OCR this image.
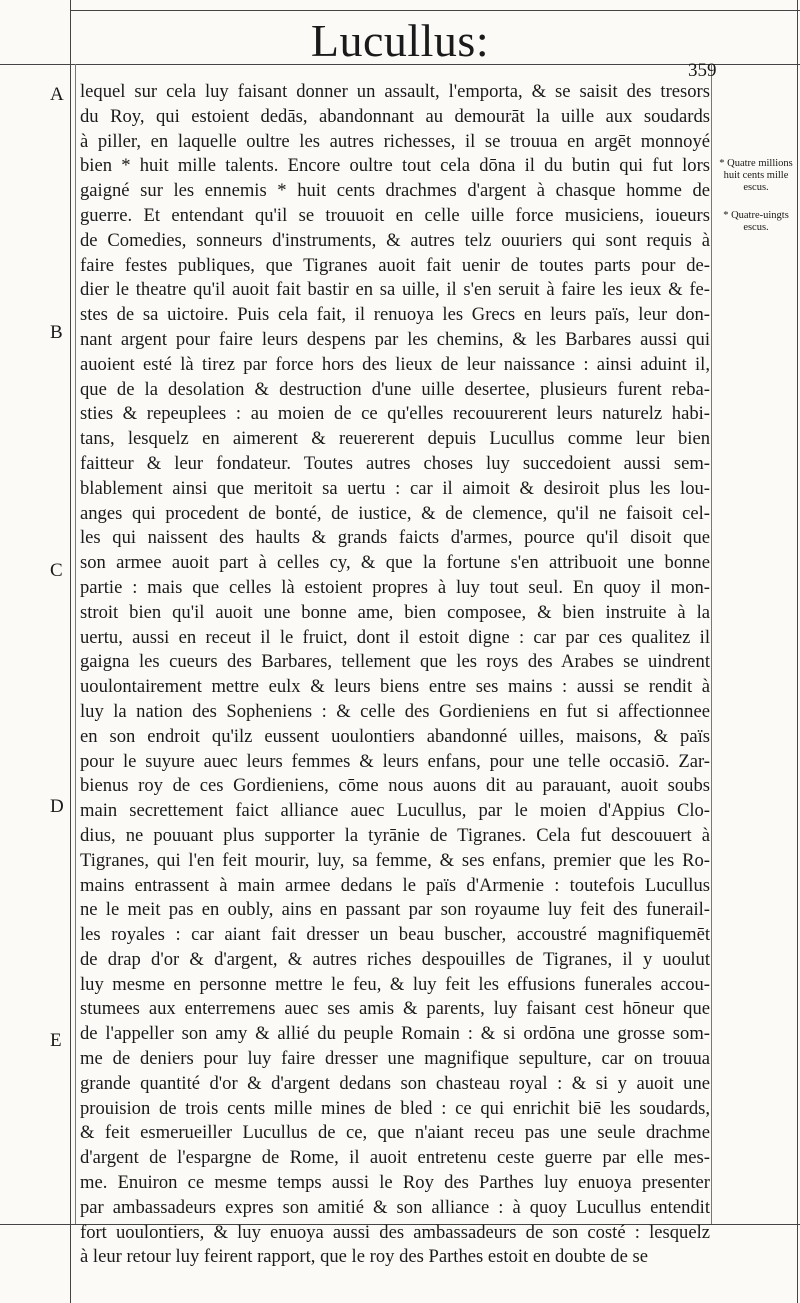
Lucullus:
359
A
B
C
D
E
* Quatre millions huit cents mille escus.
* Quatre-uingts escus.
lequel sur cela luy faisant donner un assault, l'emporta, & se saisit des tresors
du Roy, qui estoient dedās, abandonnant au demourāt la uille aux soudards
à piller, en laquelle oultre les autres richesses, il se trouua en argēt monnoyé
bien * huit mille talents. Encore oultre tout cela dōna il du butin qui fut lors
gaigné sur les ennemis * huit cents drachmes d'argent à chasque homme de
guerre. Et entendant qu'il se trouuoit en celle uille force musiciens, ioueurs
de Comedies, sonneurs d'instruments, & autres telz ouuriers qui sont requis à
faire festes publiques, que Tigranes auoit fait uenir de toutes parts pour de-
dier le theatre qu'il auoit fait bastir en sa uille, il s'en seruit à faire les ieux & fe-
stes de sa uictoire. Puis cela fait, il renuoya les Grecs en leurs païs, leur don-
nant argent pour faire leurs despens par les chemins, & les Barbares aussi qui
auoient esté là tirez par force hors des lieux de leur naissance : ainsi aduint il,
que de la desolation & destruction d'une uille desertee, plusieurs furent reba-
sties & repeuplees : au moien de ce qu'elles recouurerent leurs naturelz habi-
tans, lesquelz en aimerent & reuererent depuis Lucullus comme leur bien
faitteur & leur fondateur. Toutes autres choses luy succedoient aussi sem-
blablement ainsi que meritoit sa uertu : car il aimoit & desiroit plus les lou-
anges qui procedent de bonté, de iustice, & de clemence, qu'il ne faisoit cel-
les qui naissent des haults & grands faicts d'armes, pource qu'il disoit que
son armee auoit part à celles cy, & que la fortune s'en attribuoit une bonne
partie : mais que celles là estoient propres à luy tout seul. En quoy il mon-
stroit bien qu'il auoit une bonne ame, bien composee, & bien instruite à la
uertu, aussi en receut il le fruict, dont il estoit digne : car par ces qualitez il
gaigna les cueurs des Barbares, tellement que les roys des Arabes se uindrent
uoulontairement mettre eulx & leurs biens entre ses mains : aussi se rendit à
luy la nation des Sopheniens : & celle des Gordieniens en fut si affectionnee
en son endroit qu'ilz eussent uoulontiers abandonné uilles, maisons, & païs
pour le suyure auec leurs femmes & leurs enfans, pour une telle occasiō. Zar-
bienus roy de ces Gordieniens, cōme nous auons dit au parauant, auoit soubs
main secrettement faict alliance auec Lucullus, par le moien d'Appius Clo-
dius, ne pouuant plus supporter la tyrānie de Tigranes. Cela fut descouuert à
Tigranes, qui l'en feit mourir, luy, sa femme, & ses enfans, premier que les Ro-
mains entrassent à main armee dedans le païs d'Armenie : toutefois Lucullus
ne le meit pas en oubly, ains en passant par son royaume luy feit des funerail-
les royales : car aiant fait dresser un beau buscher, accoustré magnifiquemēt
de drap d'or & d'argent, & autres riches despouilles de Tigranes, il y uoulut
luy mesme en personne mettre le feu, & luy feit les effusions funerales accou-
stumees aux enterremens auec ses amis & parents, luy faisant cest hōneur que
de l'appeller son amy & allié du peuple Romain : & si ordōna une grosse som-
me de deniers pour luy faire dresser une magnifique sepulture, car on trouua
grande quantité d'or & d'argent dedans son chasteau royal : & si y auoit une
prouision de trois cents mille mines de bled : ce qui enrichit biē les soudards,
& feit esmerueiller Lucullus de ce, que n'aiant receu pas une seule drachme
d'argent de l'espargne de Rome, il auoit entretenu ceste guerre par elle mes-
me. Enuiron ce mesme temps aussi le Roy des Parthes luy enuoya presenter
par ambassadeurs expres son amitié & son alliance : à quoy Lucullus entendit
fort uoulontiers, & luy enuoya aussi des ambassadeurs de son costé : lesquelz
à leur retour luy feirent rapport, que le roy des Parthes estoit en doubte de se
